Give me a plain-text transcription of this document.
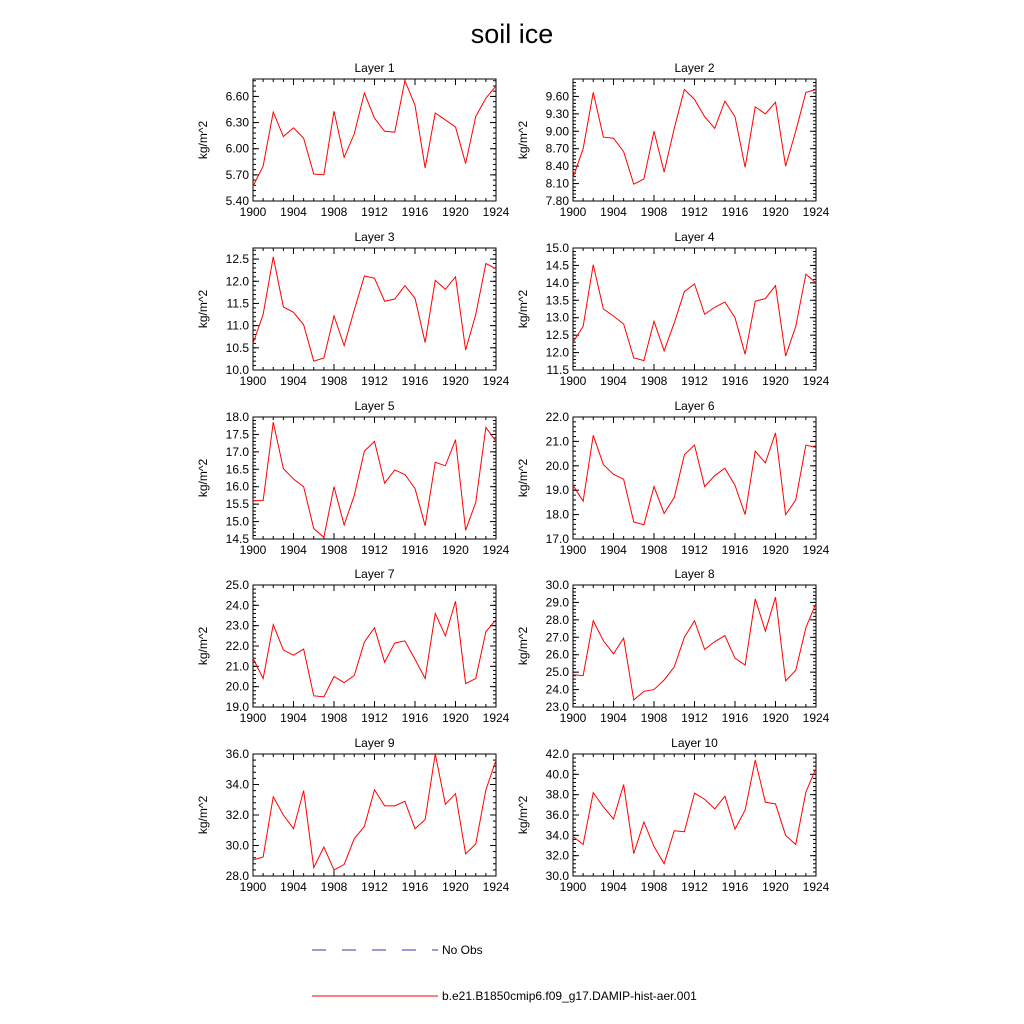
soil ice
Layer 1
kg/m^2
1900 1904 1908 1912 1916 1920 1924
5.40
5.70
6.00
6.30
6.60
Layer 2
kg/m^2
1900 1904 1908 1912 1916 1920 1924
7.80
8.10
8.40
8.70
9.00
9.30
9.60
Layer 3
kg/m^2
1900 1904 1908 1912 1916 1920 1924
10.0
10.5
11.0
11.5
12.0
12.5
Layer 4
kg/m^2
1900 1904 1908 1912 1916 1920 1924
11.5
12.0
12.5
13.0
13.5
14.0
14.5
15.0
Layer 5
kg/m^2
1900 1904 1908 1912 1916 1920 1924
14.5
15.0
15.5
16.0
16.5
17.0
17.5
18.0
Layer 6
kg/m^2
1900 1904 1908 1912 1916 1920 1924
17.0
18.0
19.0
20.0
21.0
22.0
Layer 7
kg/m^2
1900 1904 1908 1912 1916 1920 1924
19.0
20.0
21.0
22.0
23.0
24.0
25.0
Layer 8
kg/m^2
1900 1904 1908 1912 1916 1920 1924
23.0
24.0
25.0
26.0
27.0
28.0
29.0
30.0
Layer 9
kg/m^2
1900 1904 1908 1912 1916 1920 1924
28.0
30.0
32.0
34.0
36.0
Layer 10
kg/m^2
1900 1904 1908 1912 1916 1920 1924
30.0
32.0
34.0
36.0
38.0
40.0
42.0
No Obs
b.e21.B1850cmip6.f09_g17.DAMIP-hist-aer.001
